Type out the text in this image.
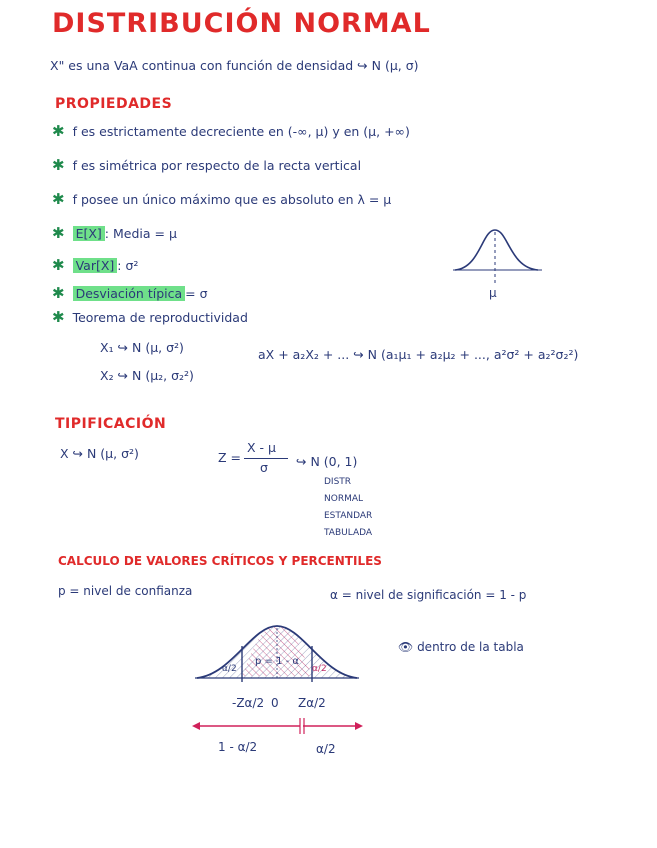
DISTRIBUCIÓN NORMAL
X" es una VaA continua con función de densidad ↪ N (μ, σ)
PROPIEDADES
✱ f es estrictamente decreciente en (-∞, μ) y en (μ, +∞)
✱ f es simétrica por respecto de la recta vertical
✱ f posee un único máximo que es absoluto en λ = μ
✱ E[X] : Media = μ
✱ Var[X] : σ²
✱ Desviación típica = σ
✱ Teorema de reproductividad
μ
X₁ ↪ N (μ, σ²)
X₂ ↪ N (μ₂, σ₂²)
aX + a₂X₂ + ... ↪ N (a₁μ₁ + a₂μ₂ + ..., a²σ² + a₂²σ₂²)
TIPIFICACIÓN
X ↪ N (μ, σ²)	Z =
X - μ
σ ↪ N (0, 1)
DISTR
NORMAL
ESTANDAR
TABULADA
CALCULO DE VALORES CRÍTICOS Y PERCENTILES
p = nivel de confianza	α = nivel de significación = 1 - p
👁 dentro de la tabla
p = 1 - α
α/2	α/2
-Zα/2 0 Zα/2
1 - α/2	α/2
